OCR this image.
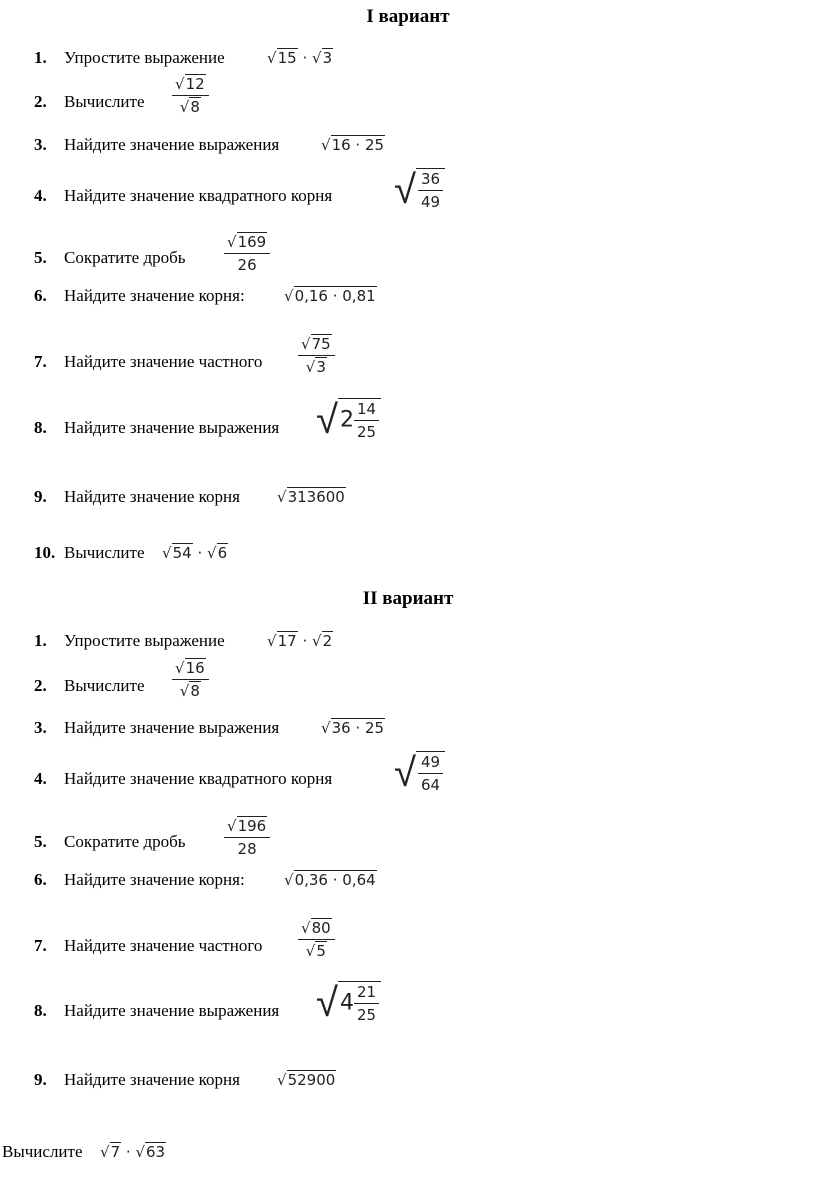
I вариант
1. Упростите выражение	√15 · √3
2. Вычислите $\frac{√12}{√8}$
3. Найдите значение выражения	√16 · 25
4. Найдите значение квадратного корня √ $\frac{36}{49}$
5. Сократите дробь	$\frac{√169}{26}$
6. Найдите значение корня:	√0,16 · 0,81
7. Найдите значение частного $\frac{√75}{√3}$
8. Найдите значение выражения $√2 \frac{14}{25}$
9. Найдите значение корня √313600
10. Вычислите √54 · √6
II вариант
1. Упростите выражение	√17 · √2
2. Вычислите $\frac{√16}{√8}$
3. Найдите значение выражения	√36 · 25
4. Найдите значение квадратного корня √ $\frac{49}{64}$
5. Сократите дробь	$\frac{√196}{28}$
6. Найдите значение корня:	√0,36 · 0,64
7. Найдите значение частного $\frac{√80}{√5}$
8. Найдите значение выражения $√4 \frac{21}{25}$
9. Найдите значение корня √52900
Вычислите √7 · √63
